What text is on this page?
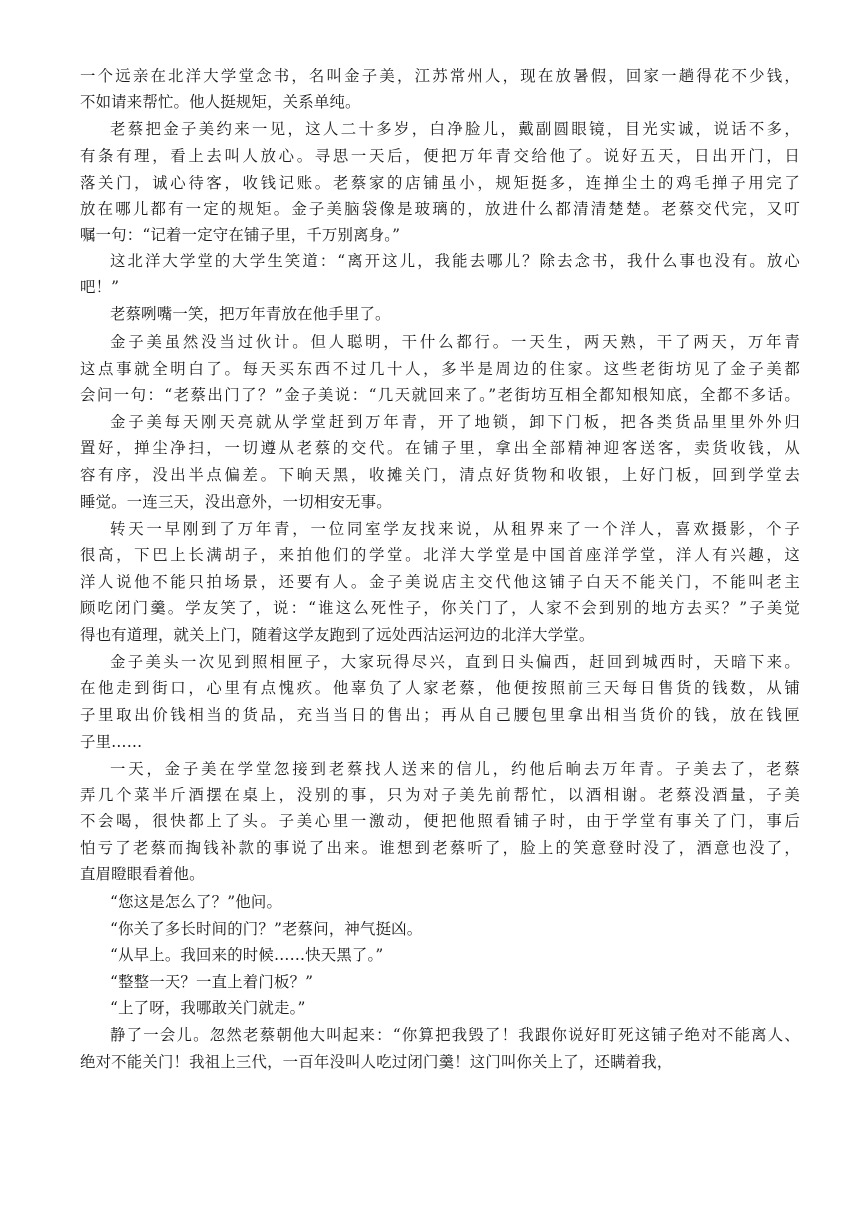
一个远亲在北洋大学堂念书，名叫金子美，江苏常州人，现在放暑假，回家一趟得花不少钱，
不如请来帮忙。他人挺规矩，关系单纯。
老蔡把金子美约来一见，这人二十多岁，白净脸儿，戴副圆眼镜，目光实诚，说话不多，
有条有理，看上去叫人放心。寻思一天后，便把万年青交给他了。说好五天，日出开门，日
落关门，诚心待客，收钱记账。老蔡家的店铺虽小，规矩挺多，连掸尘土的鸡毛掸子用完了
放在哪儿都有一定的规矩。金子美脑袋像是玻璃的，放进什么都清清楚楚。老蔡交代完，又叮
嘱一句：“记着一定守在铺子里，千万别离身。”
这北洋大学堂的大学生笑道：“离开这儿，我能去哪儿？除去念书，我什么事也没有。放心
吧！”
老蔡咧嘴一笑，把万年青放在他手里了。
金子美虽然没当过伙计。但人聪明，干什么都行。一天生，两天熟，干了两天，万年青
这点事就全明白了。每天买东西不过几十人，多半是周边的住家。这些老街坊见了金子美都
会问一句：“老蔡出门了？”金子美说：“几天就回来了。”老街坊互相全都知根知底，全都不多话。
金子美每天刚天亮就从学堂赶到万年青，开了地锁，卸下门板，把各类货品里里外外归
置好，掸尘净扫，一切遵从老蔡的交代。在铺子里，拿出全部精神迎客送客，卖货收钱，从
容有序，没出半点偏差。下晌天黑，收摊关门，清点好货物和收银，上好门板，回到学堂去
睡觉。一连三天，没出意外，一切相安无事。
转天一早刚到了万年青，一位同室学友找来说，从租界来了一个洋人，喜欢摄影，个子
很高，下巴上长满胡子，来拍他们的学堂。北洋大学堂是中国首座洋学堂，洋人有兴趣，这
洋人说他不能只拍场景，还要有人。金子美说店主交代他这铺子白天不能关门，不能叫老主
顾吃闭门羹。学友笑了，说：“谁这么死性子，你关门了，人家不会到别的地方去买？”子美觉
得也有道理，就关上门，随着这学友跑到了远处西沽运河边的北洋大学堂。
金子美头一次见到照相匣子，大家玩得尽兴，直到日头偏西，赶回到城西时，天暗下来。
在他走到街口，心里有点愧疚。他辜负了人家老蔡，他便按照前三天每日售货的钱数，从铺
子里取出价钱相当的货品，充当当日的售出；再从自己腰包里拿出相当货价的钱，放在钱匣
子里……
一天，金子美在学堂忽接到老蔡找人送来的信儿，约他后晌去万年青。子美去了，老蔡
弄几个菜半斤酒摆在桌上，没别的事，只为对子美先前帮忙，以酒相谢。老蔡没酒量，子美
不会喝，很快都上了头。子美心里一激动，便把他照看铺子时，由于学堂有事关了门，事后
怕亏了老蔡而掏钱补款的事说了出来。谁想到老蔡听了，脸上的笑意登时没了，酒意也没了，
直眉瞪眼看着他。
“您这是怎么了？”他问。
“你关了多长时间的门？”老蔡问，神气挺凶。
“从早上。我回来的时候……快天黑了。”
“整整一天？一直上着门板？”
“上了呀，我哪敢关门就走。”
静了一会儿。忽然老蔡朝他大叫起来：“你算把我毁了！我跟你说好盯死这铺子绝对不能离人、
绝对不能关门！我祖上三代，一百年没叫人吃过闭门羹！这门叫你关上了，还瞒着我，
